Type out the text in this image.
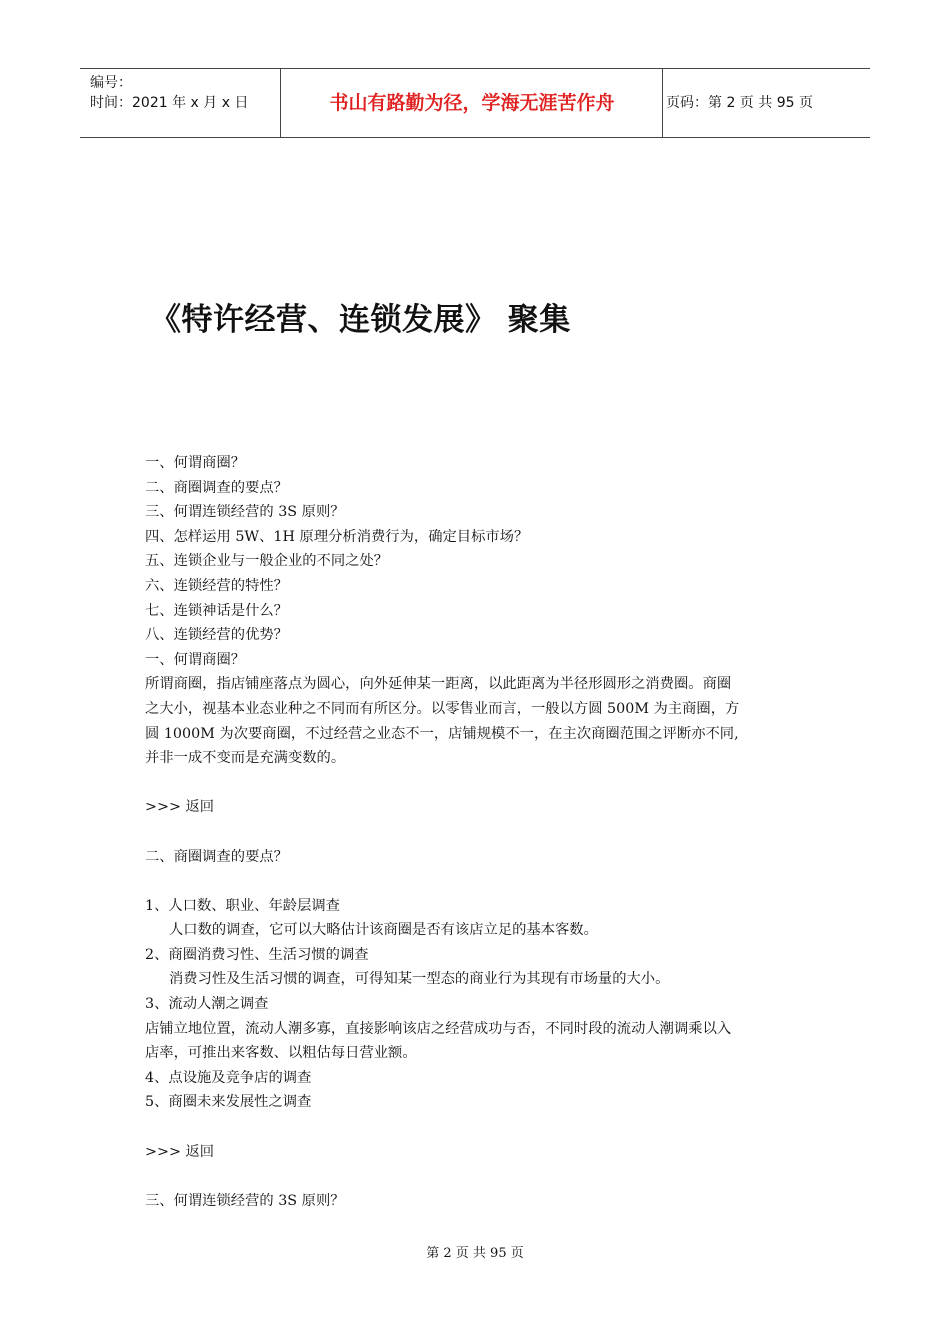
编号：
时间：2021 年 x 月 x 日	书山有路勤为径，学海无涯苦作舟	页码：第 2 页 共 95 页
《特许经营、连锁发展》 聚集

一、何谓商圈？

二、商圈调查的要点？

三、何谓连锁经营的 3S 原则？

四、怎样运用 5W、1H 原理分析消费行为，确定目标市场？

五、连锁企业与一般企业的不同之处？

六、连锁经营的特性？

七、连锁神话是什么？

八、连锁经营的优势？

一、何谓商圈？

所谓商圈，指店铺座落点为圆心，向外延伸某一距离，以此距离为半径形圆形之消费圈。商圈

之大小，视基本业态业种之不同而有所区分。以零售业而言，一般以方圆 500M 为主商圈，方

圆 1000M 为次要商圈，不过经营之业态不一，店铺规模不一，在主次商圈范围之评断亦不同,

并非一成不变而是充满变数的。

>>> 返回

二、商圈调查的要点？

1、人口数、职业、年龄层调查

人口数的调查，它可以大略估计该商圈是否有该店立足的基本客数。

2、商圈消费习性、生活习惯的调查

消费习性及生活习惯的调查，可得知某一型态的商业行为其现有市场量的大小。

3、流动人潮之调查

店铺立地位置，流动人潮多寡，直接影响该店之经营成功与否，不同时段的流动人潮调乘以入

店率，可推出来客数、以粗估每日营业额。

4、点设施及竞争店的调查

5、商圈未来发展性之调查

>>> 返回

三、何谓连锁经营的 3S 原则？

第 2 页 共 95 页
